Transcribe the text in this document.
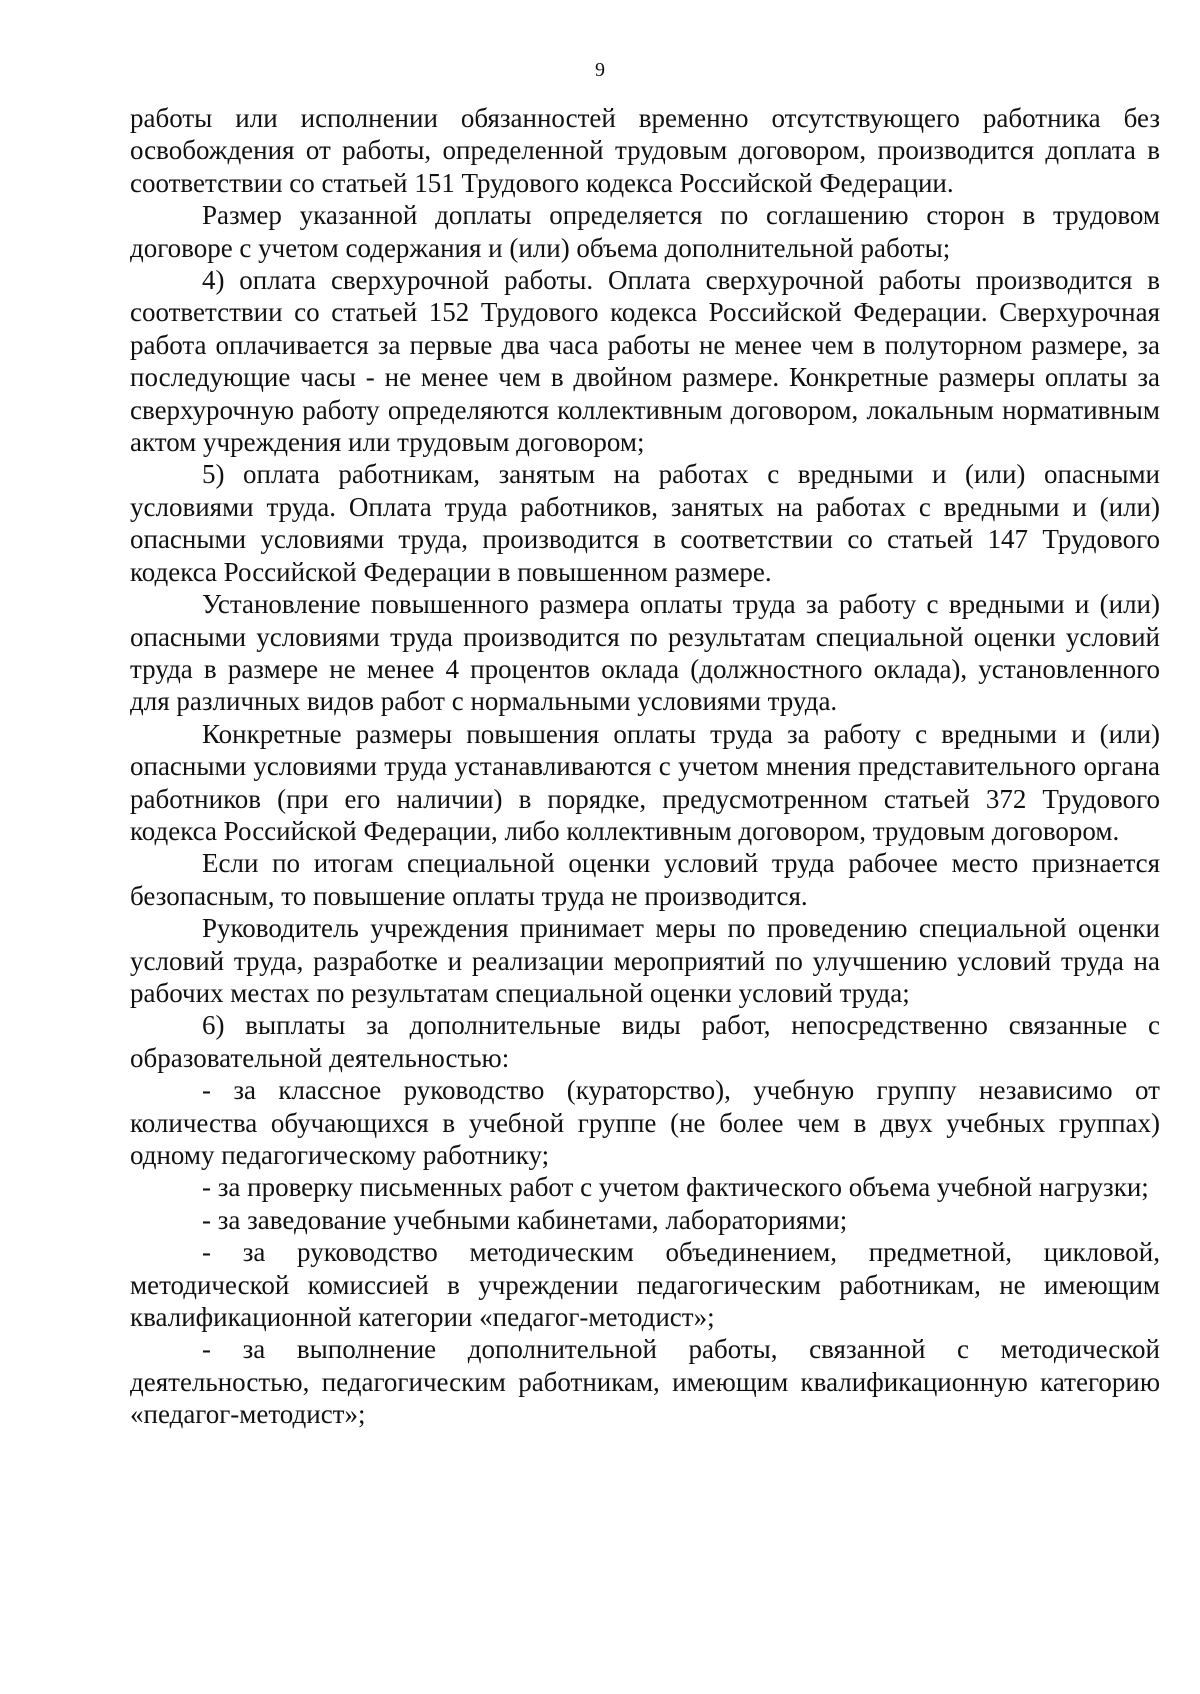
9

работы или исполнении обязанностей временно отсутствующего работника без освобождения от работы, определенной трудовым договором, производится доплата в соответствии со статьей 151 Трудового кодекса Российской Федерации.

Размер указанной доплаты определяется по соглашению сторон в трудовом договоре с учетом содержания и (или) объема дополнительной работы;

4) оплата сверхурочной работы. Оплата сверхурочной работы производится в соответствии со статьей 152 Трудового кодекса Российской Федерации. Сверхурочная работа оплачивается за первые два часа работы не менее чем в полуторном размере, за последующие часы - не менее чем в двойном размере. Конкретные размеры оплаты за сверхурочную работу определяются коллективным договором, локальным нормативным актом учреждения или трудовым договором;

5) оплата работникам, занятым на работах с вредными и (или) опасными условиями труда. Оплата труда работников, занятых на работах с вредными и (или) опасными условиями труда, производится в соответствии со статьей 147 Трудового кодекса Российской Федерации в повышенном размере.

Установление повышенного размера оплаты труда за работу с вредными и (или) опасными условиями труда производится по результатам специальной оценки условий труда в размере не менее 4 процентов оклада (должностного оклада), установленного для различных видов работ с нормальными условиями труда.

Конкретные размеры повышения оплаты труда за работу с вредными и (или) опасными условиями труда устанавливаются с учетом мнения представительного органа работников (при его наличии) в порядке, предусмотренном статьей 372 Трудового кодекса Российской Федерации, либо коллективным договором, трудовым договором.

Если по итогам специальной оценки условий труда рабочее место признается безопасным, то повышение оплаты труда не производится.

Руководитель учреждения принимает меры по проведению специальной оценки условий труда, разработке и реализации мероприятий по улучшению условий труда на рабочих местах по результатам специальной оценки условий труда;

6) выплаты за дополнительные виды работ, непосредственно связанные с образовательной деятельностью:

- за классное руководство (кураторство), учебную группу независимо от количества обучающихся в учебной группе (не более чем в двух учебных группах) одному педагогическому работнику;

- за проверку письменных работ с учетом фактического объема учебной нагрузки;

- за заведование учебными кабинетами, лабораториями;

- за руководство методическим объединением, предметной, цикловой, методической комиссией в учреждении педагогическим работникам, не имеющим квалификационной категории «педагог-методист»;

- за выполнение дополнительной работы, связанной с методической деятельностью, педагогическим работникам, имеющим квалификационную категорию «педагог-методист»;
